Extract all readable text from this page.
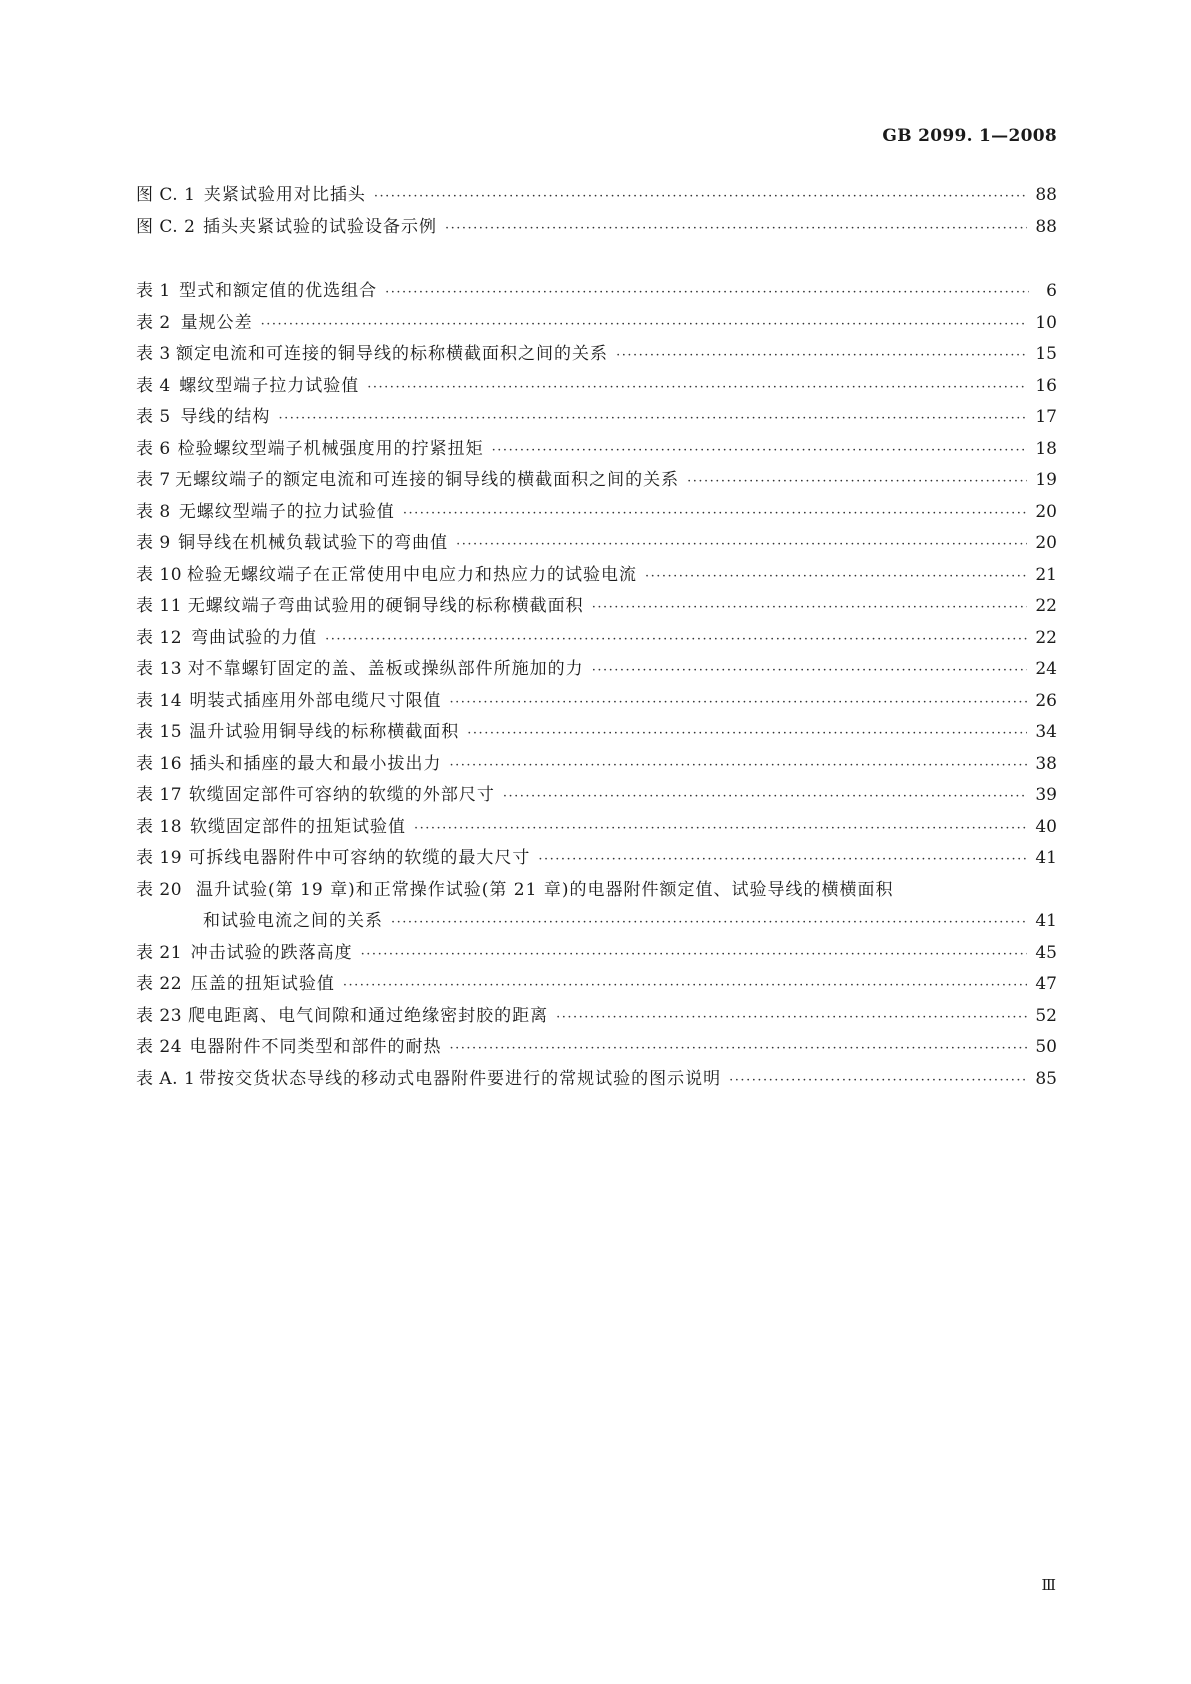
GB 2099. 1—2008
图 C. 1 夹紧试验用对比插头 ·····	88
图 C. 2 插头夹紧试验的试验设备示例 ·····	88
表 1 型式和额定值的优选组合 ·····	6
表 2 量规公差 ·····	10
表 3 额定电流和可连接的铜导线的标称横截面积之间的关系 ·····	15
表 4 螺纹型端子拉力试验值 ·····	16
表 5 导线的结构 ·····	17
表 6 检验螺纹型端子机械强度用的拧紧扭矩 ·····	18
表 7 无螺纹端子的额定电流和可连接的铜导线的横截面积之间的关系 ·····	19
表 8 无螺纹型端子的拉力试验值 ·····	20
表 9 铜导线在机械负载试验下的弯曲值 ·····	20
表 10 检验无螺纹端子在正常使用中电应力和热应力的试验电流 ·····	21
表 11 无螺纹端子弯曲试验用的硬铜导线的标称横截面积 ·····	22
表 12 弯曲试验的力值 ·····	22
表 13 对不靠螺钉固定的盖、盖板或操纵部件所施加的力 ·····	24
表 14 明装式插座用外部电缆尺寸限值 ·····	26
表 15 温升试验用铜导线的标称横截面积 ·····	34
表 16 插头和插座的最大和最小拔出力 ·····	38
表 17 软缆固定部件可容纳的软缆的外部尺寸 ·····	39
表 18 软缆固定部件的扭矩试验值 ·····	40
表 19 可拆线电器附件中可容纳的软缆的最大尺寸 ·····	41
表 20 温升试验(第 19 章)和正常操作试验(第 21 章)的电器附件额定值、试验导线的横横面积
和试验电流之间的关系 ·····	41
表 21 冲击试验的跌落高度 ·····	45
表 22 压盖的扭矩试验值 ·····	47
表 23 爬电距离、电气间隙和通过绝缘密封胶的距离 ·····	52
表 24 电器附件不同类型和部件的耐热 ·····	50
表 A. 1 带按交货状态导线的移动式电器附件要进行的常规试验的图示说明 ·····	85
Ⅲ
